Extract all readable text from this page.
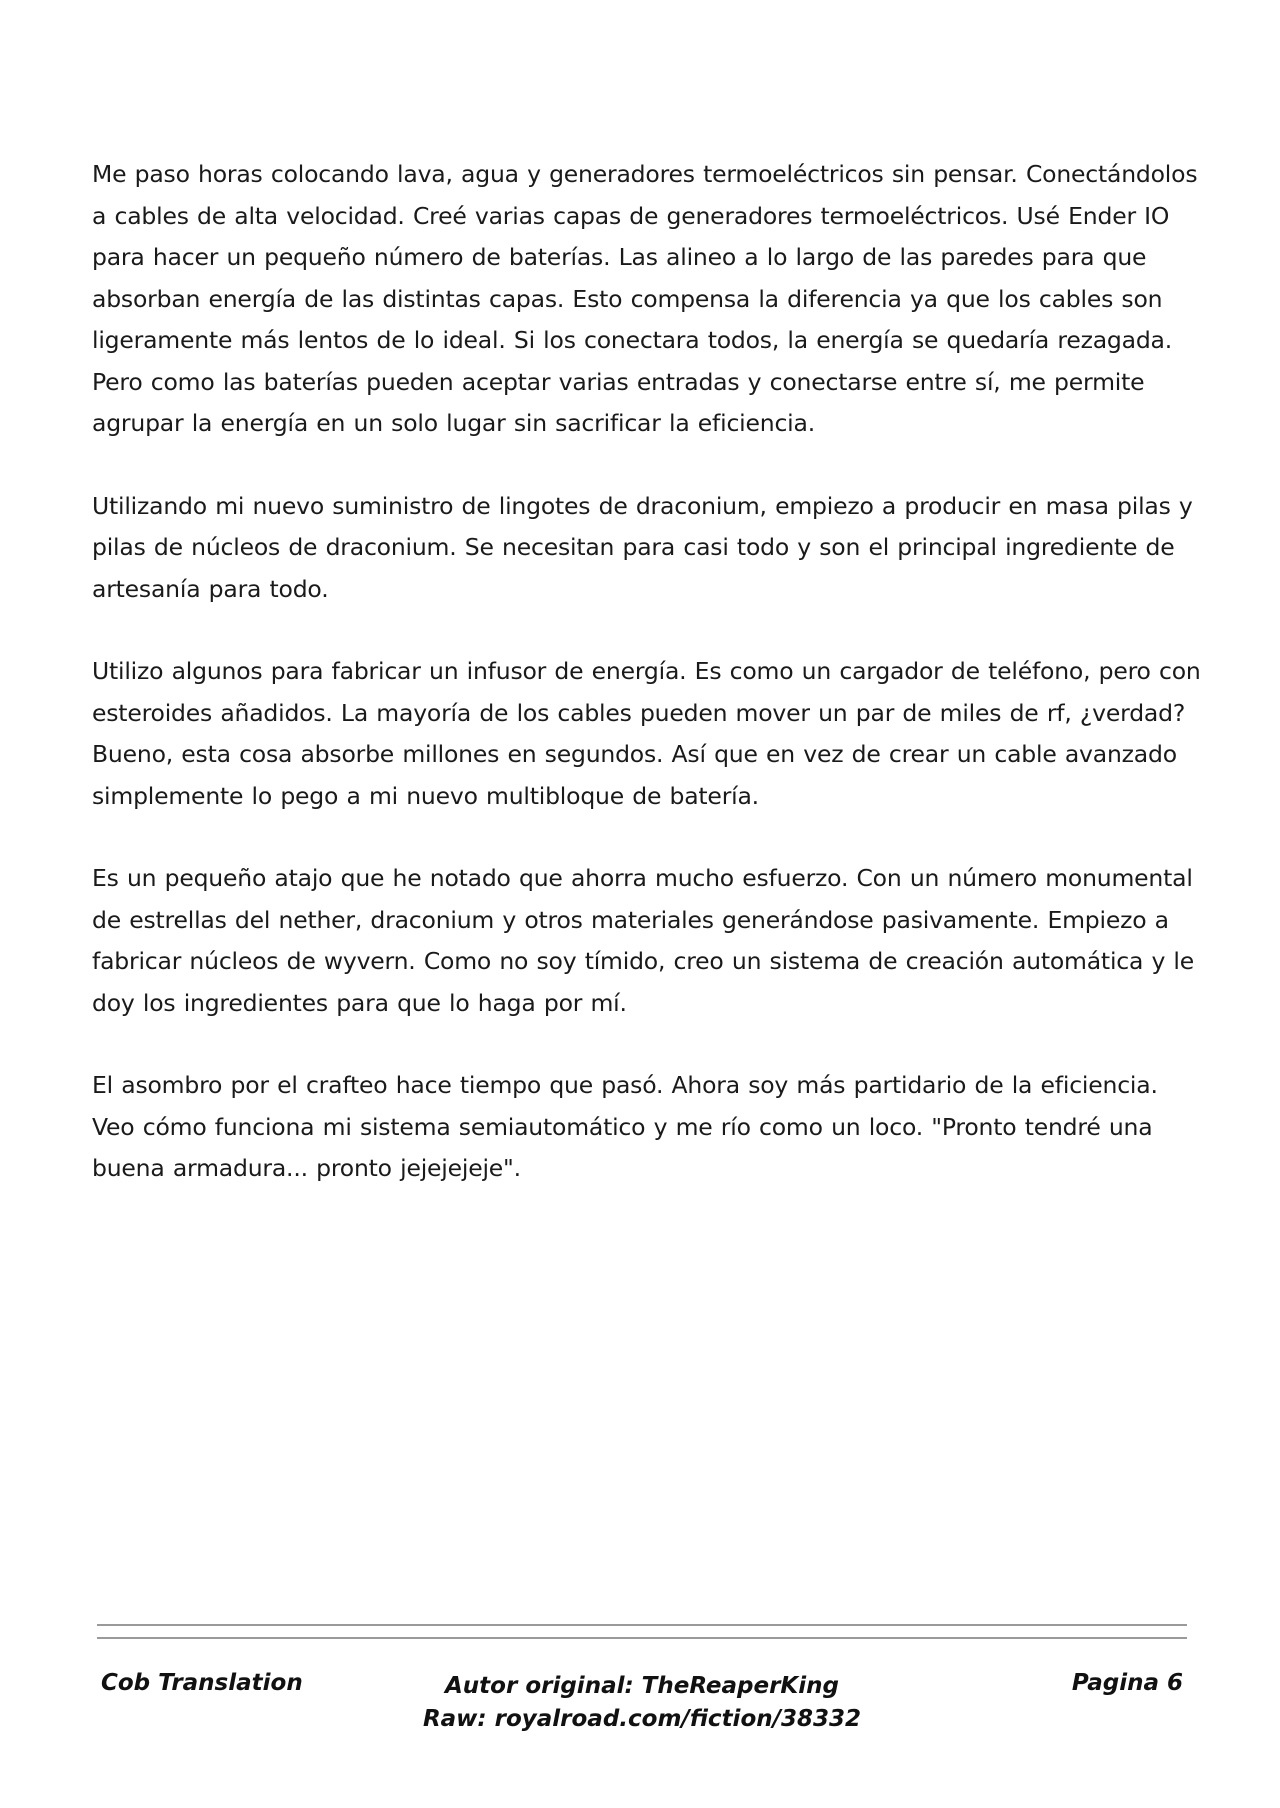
Me paso horas colocando lava, agua y generadores termoeléctricos sin pensar. Conectándolos a cables de alta velocidad. Creé varias capas de generadores termoeléctricos. Usé Ender IO para hacer un pequeño número de baterías. Las alineo a lo largo de las paredes para que absorban energía de las distintas capas. Esto compensa la diferencia ya que los cables son ligeramente más lentos de lo ideal. Si los conectara todos, la energía se quedaría rezagada. Pero como las baterías pueden aceptar varias entradas y conectarse entre sí, me permite agrupar la energía en un solo lugar sin sacrificar la eficiencia.

Utilizando mi nuevo suministro de lingotes de draconium, empiezo a producir en masa pilas y pilas de núcleos de draconium. Se necesitan para casi todo y son el principal ingrediente de artesanía para todo.

Utilizo algunos para fabricar un infusor de energía. Es como un cargador de teléfono, pero con esteroides añadidos. La mayoría de los cables pueden mover un par de miles de rf, ¿verdad? Bueno, esta cosa absorbe millones en segundos. Así que en vez de crear un cable avanzado simplemente lo pego a mi nuevo multibloque de batería.

Es un pequeño atajo que he notado que ahorra mucho esfuerzo. Con un número monumental de estrellas del nether, draconium y otros materiales generándose pasivamente. Empiezo a fabricar núcleos de wyvern. Como no soy tímido, creo un sistema de creación automática y le doy los ingredientes para que lo haga por mí.

El asombro por el crafteo hace tiempo que pasó. Ahora soy más partidario de la eficiencia. Veo cómo funciona mi sistema semiautomático y me río como un loco. "Pronto tendré una buena armadura... pronto jejejejeje".

Cob Translation	Autor original: TheReaperKing
Raw: royalroad.com/fiction/38332
Pagina 6
